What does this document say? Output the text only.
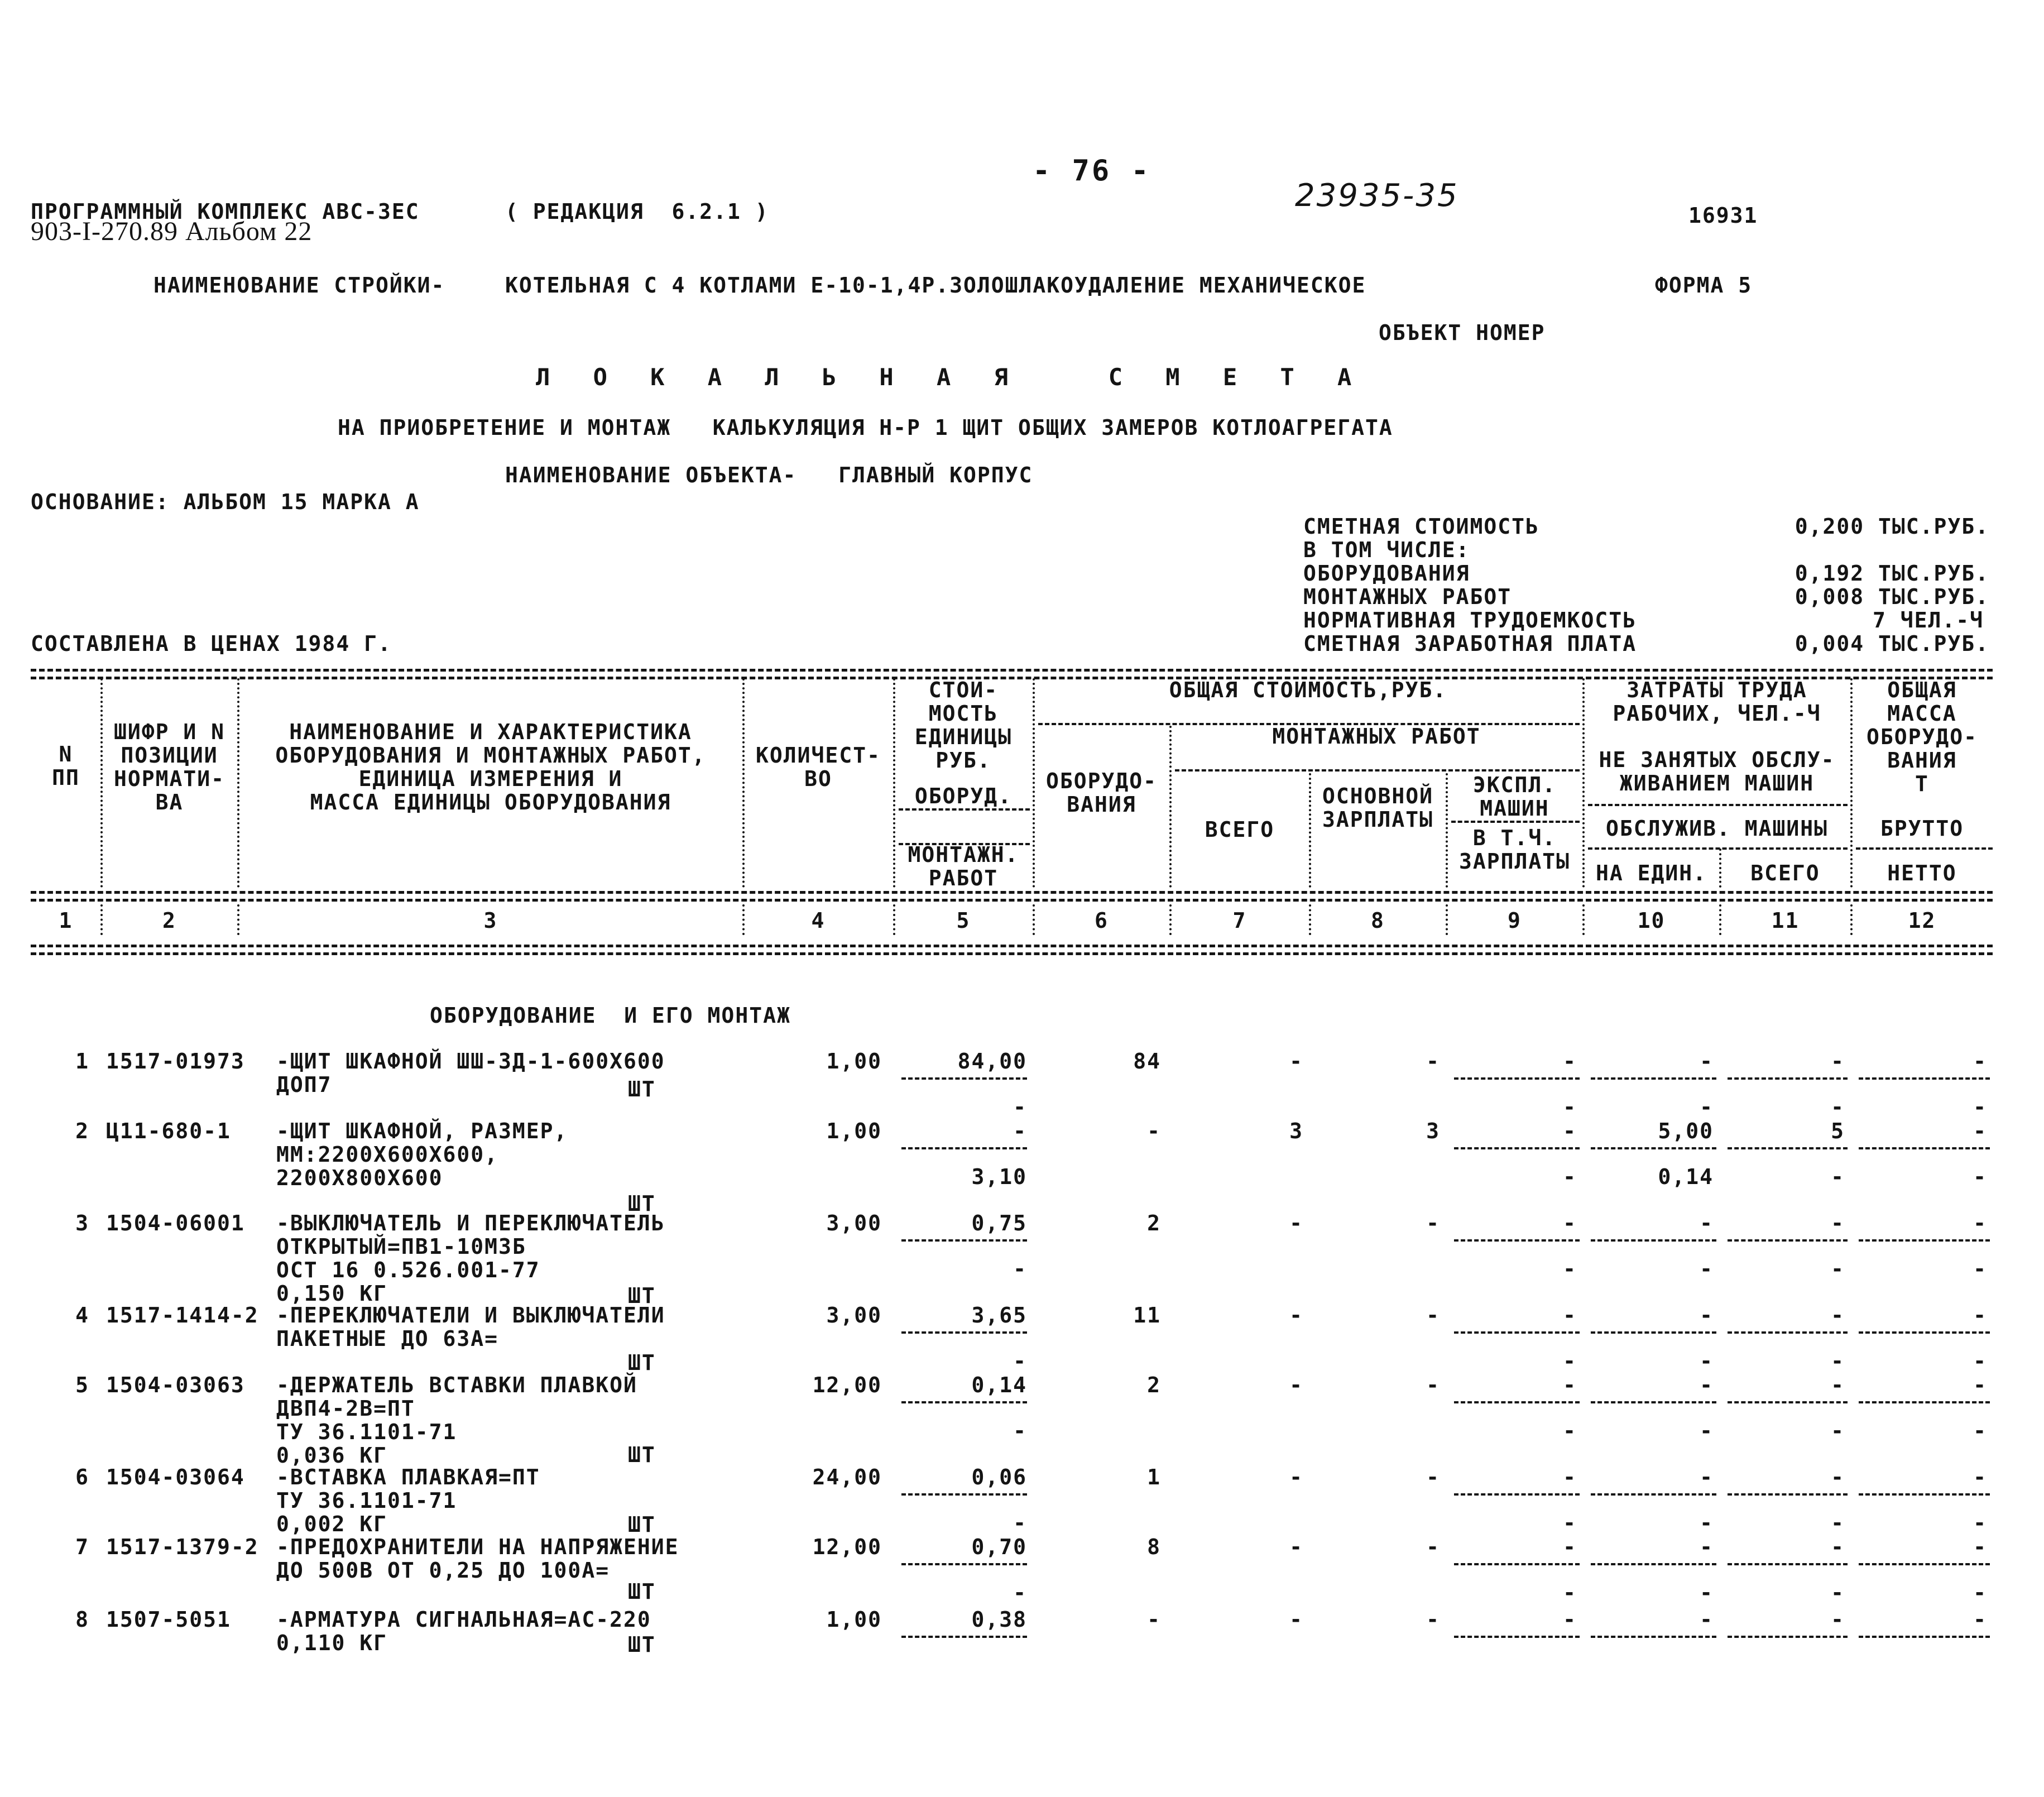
- 76 -
23935-35
ПРОГРАММНЫЙ КОМПЛЕКС АВС-3ЕС	( РЕДАКЦИЯ  6.2.1 )	16931
903-I-270.89 Альбом 22
НАИМЕНОВАНИЕ СТРОЙКИ-	КОТЕЛЬНАЯ С 4 КОТЛАМИ Е-10-1,4Р.ЗОЛОШЛАКОУДАЛЕНИЕ МЕХАНИЧЕСКОЕ	ФОРМА 5
ОБЪЕКТ НОМЕР
Л О К А Л Ь Н А Я   С М Е Т А
НА ПРИОБРЕТЕНИЕ И МОНТАЖ   КАЛЬКУЛЯЦИЯ Н-Р 1 ЩИТ ОБЩИХ ЗАМЕРОВ КОТЛОАГРЕГАТА
НАИМЕНОВАНИЕ ОБЪЕКТА-   ГЛАВНЫЙ КОРПУС
ОСНОВАНИЕ: АЛЬБОМ 15 МАРКА А
СМЕТНАЯ СТОИМОСТЬ	0,200 ТЫС.РУБ.
В ТОМ ЧИСЛЕ:
ОБОРУДОВАНИЯ	0,192 ТЫС.РУБ.
МОНТАЖНЫХ РАБОТ	0,008 ТЫС.РУБ.
НОРМАТИВНАЯ ТРУДОЕМКОСТЬ	7 ЧЕЛ.-Ч
СМЕТНАЯ ЗАРАБОТНАЯ ПЛАТА	0,004 ТЫС.РУБ.
СОСТАВЛЕНА В ЦЕНАХ 1984 Г.
N
ПП
ШИФР И N
ПОЗИЦИИ
НОРМАТИ-
ВА
НАИМЕНОВАНИЕ И ХАРАКТЕРИСТИКА
ОБОРУДОВАНИЯ И МОНТАЖНЫХ РАБОТ,
ЕДИНИЦА ИЗМЕРЕНИЯ И
МАССА ЕДИНИЦЫ ОБОРУДОВАНИЯ
КОЛИЧЕСТ-
ВО
СТОИ-
МОСТЬ
ЕДИНИЦЫ
РУБ.
ОБОРУД.
МОНТАЖН.
РАБОТ
ОБЩАЯ СТОИМОСТЬ,РУБ.
ОБОРУДО-
ВАНИЯ
МОНТАЖНЫХ РАБОТ
ВСЕГО
ОСНОВНОЙ
ЗАРПЛАТЫ
ЭКСПЛ.
МАШИН
В Т.Ч.
ЗАРПЛАТЫ
ЗАТРАТЫ ТРУДА
РАБОЧИХ, ЧЕЛ.-Ч
НЕ ЗАНЯТЫХ ОБСЛУ-
ЖИВАНИЕМ МАШИН
ОБСЛУЖИВ. МАШИНЫ
НА ЕДИН.	ВСЕГО
ОБЩАЯ
МАССА
ОБОРУДО-
ВАНИЯ
Т
БРУТТО
НЕТТО
1	2	3	4	5	6	7	8	9	10	11	12
ОБОРУДОВАНИЕ  И ЕГО МОНТАЖ
1 1517-01973 -ЩИТ ШКАФНОЙ ШШ-ЗД-1-600Х600
ДОП7	ШТ
1,00	84,00	84	-	-	-	-	-	-
-	-	-	-	-
2 Ц11-680-1 -ЩИТ ШКАФНОЙ, РАЗМЕР,
ММ:2200Х600Х600,
2200Х800Х600
ШТ
1,00	-	-	3	3	-	5,00	5	-
3,10	-	0,14	-	-
3 1504-06001 -ВЫКЛЮЧАТЕЛЬ И ПЕРЕКЛЮЧАТЕЛЬ
ОТКРЫТЫЙ=ПВ1-10М3Б
ОСТ 16 0.526.001-77
0,150 КГ	ШТ
3,00	0,75	2	-	-	-	-	-	-
-	-	-	-	-
4 1517-1414-2 -ПЕРЕКЛЮЧАТЕЛИ И ВЫКЛЮЧАТЕЛИ
ПАКЕТНЫЕ ДО 63А=
ШТ
3,00	3,65	11	-	-	-	-	-	-
-	-	-	-	-
5 1504-03063 -ДЕРЖАТЕЛЬ ВСТАВКИ ПЛАВКОЙ
ДВП4-2В=ПТ
ТУ 36.1101-71
0,036 КГ	ШТ
12,00	0,14	2	-	-	-	-	-	-
-	-	-	-	-
6 1504-03064 -ВСТАВКА ПЛАВКАЯ=ПТ
ТУ 36.1101-71
0,002 КГ	ШТ
24,00	0,06	1	-	-	-	-	-	-
-	-	-	-	-
7 1517-1379-2 -ПРЕДОХРАНИТЕЛИ НА НАПРЯЖЕНИЕ
ДО 500В ОТ 0,25 ДО 100А=
ШТ
12,00	0,70	8	-	-	-	-	-	-
-	-	-	-	-
8 1507-5051 -АРМАТУРА СИГНАЛЬНАЯ=АС-220
0,110 КГ	ШТ
1,00	0,38	-	-	-	-	-	-	-
